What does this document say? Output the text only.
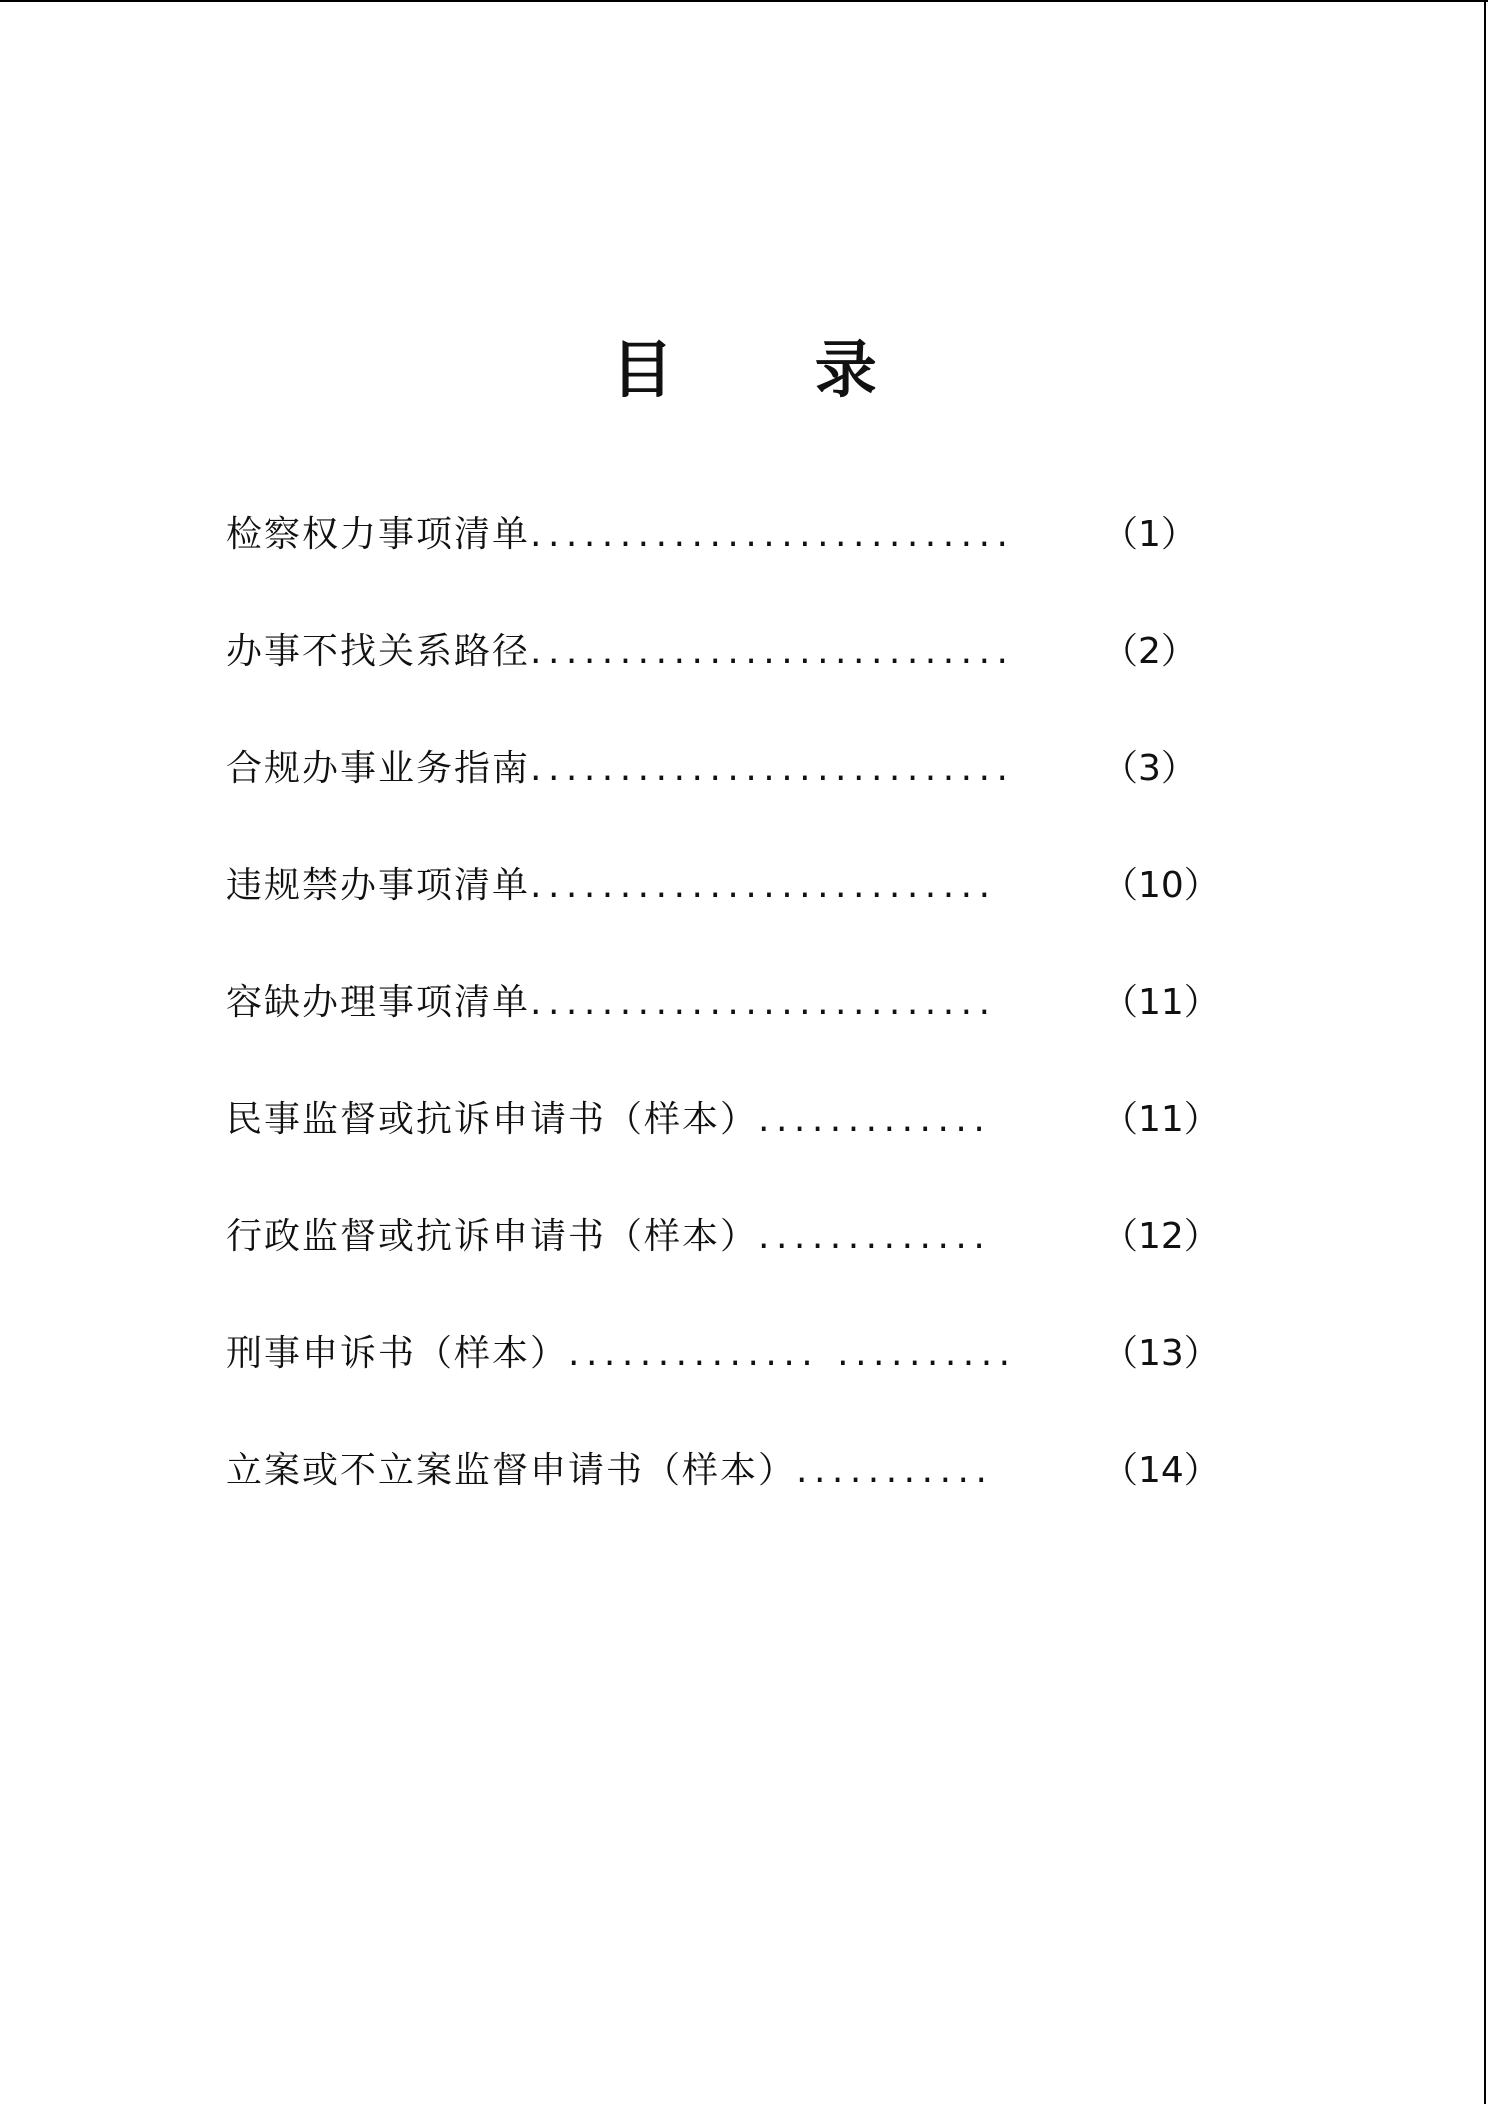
目 录
检察权力事项清单........................... （1）
办事不找关系路径........................... （2）
合规办事业务指南........................... （3）
违规禁办事项清单..........................	（10）
容缺办理事项清单..........................	（11）
民事监督或抗诉申请书（样本）.............	（11）
行政监督或抗诉申请书（样本）.............	（12）
刑事申诉书（样本）.............. .......... （13）
立案或不立案监督申请书（样本）...........	（14）
